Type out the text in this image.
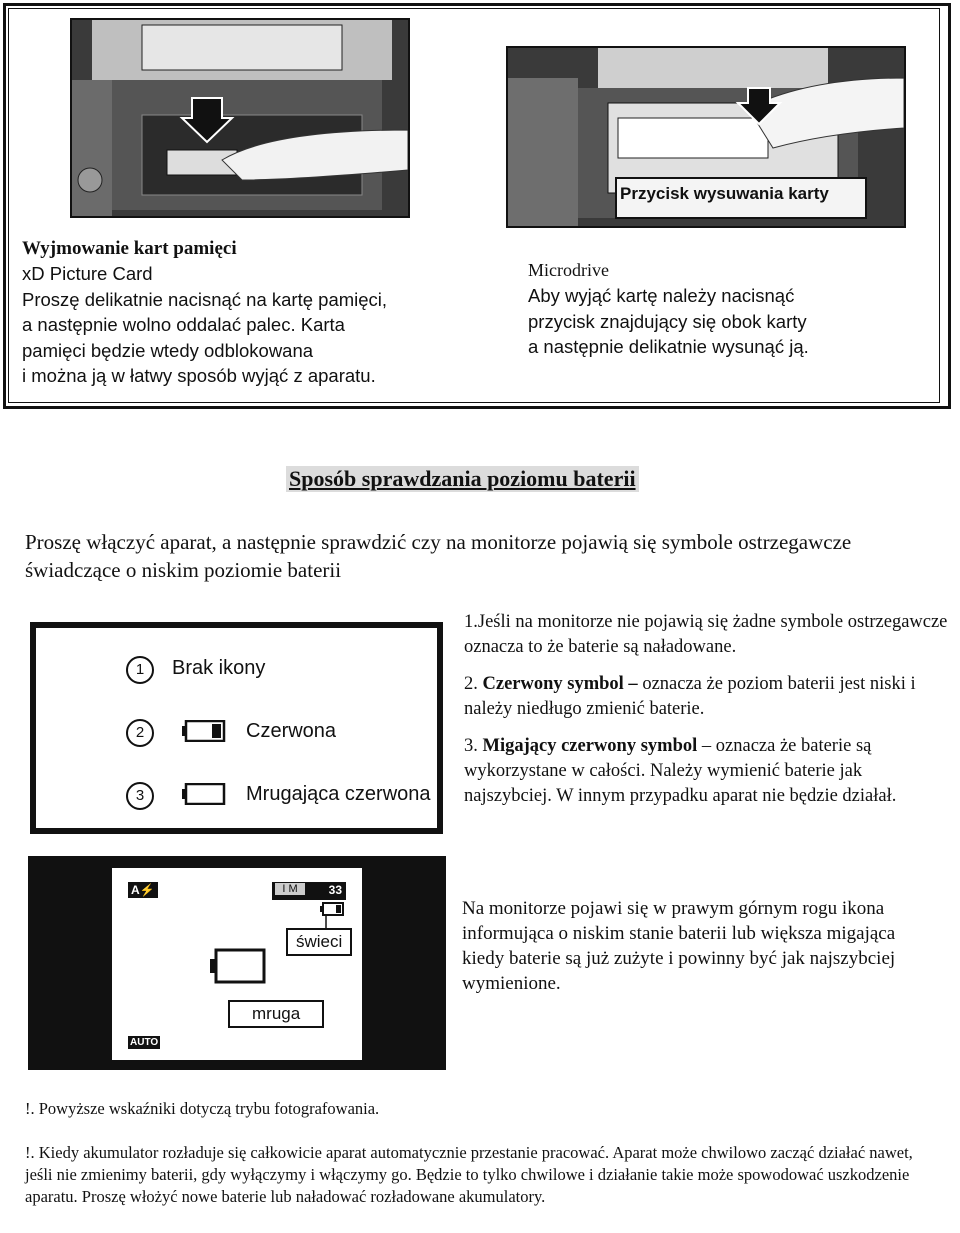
Przycisk wysuwania karty
Wyjmowanie kart pamięci
xD Picture Card
Proszę delikatnie nacisnąć na kartę pamięci,
a następnie wolno oddalać palec. Karta
pamięci będzie wtedy odblokowana
i można ją w łatwy sposób wyjąć z aparatu.
Microdrive
Aby wyjąć kartę należy nacisnąć
przycisk znajdujący się obok karty
a następnie delikatnie wysunąć ją.
Sposób sprawdzania poziomu baterii
Proszę włączyć aparat, a następnie sprawdzić czy na monitorze pojawią się symbole ostrzegawcze świadczące o niskim poziomie baterii
1	Brak ikony
2	Czerwona
3	Mrugająca czerwona
1.Jeśli na monitorze nie pojawią się żadne symbole ostrzegawcze oznacza to że baterie są naładowane.
2. Czerwony symbol – oznacza że poziom baterii jest niski i należy niedługo zmienić baterie.
3. Migający czerwony symbol – oznacza że baterie są wykorzystane w całości. Należy wymienić baterie jak najszybciej. W innym przypadku aparat nie będzie działał.
A⚡	I M	33
świeci
mruga
AUTO
Na monitorze pojawi się w prawym górnym rogu ikona informująca o niskim stanie baterii lub większa migająca kiedy baterie są już zużyte i powinny być jak najszybciej wymienione.
!. Powyższe wskaźniki dotyczą trybu fotografowania.
!. Kiedy akumulator rozładuje się całkowicie aparat automatycznie przestanie pracować. Aparat może chwilowo zacząć działać nawet, jeśli nie zmienimy baterii, gdy wyłączymy i włączymy go. Będzie to tylko chwilowe i działanie takie może spowodować uszkodzenie aparatu. Proszę włożyć nowe baterie lub naładować rozładowane akumulatory.
